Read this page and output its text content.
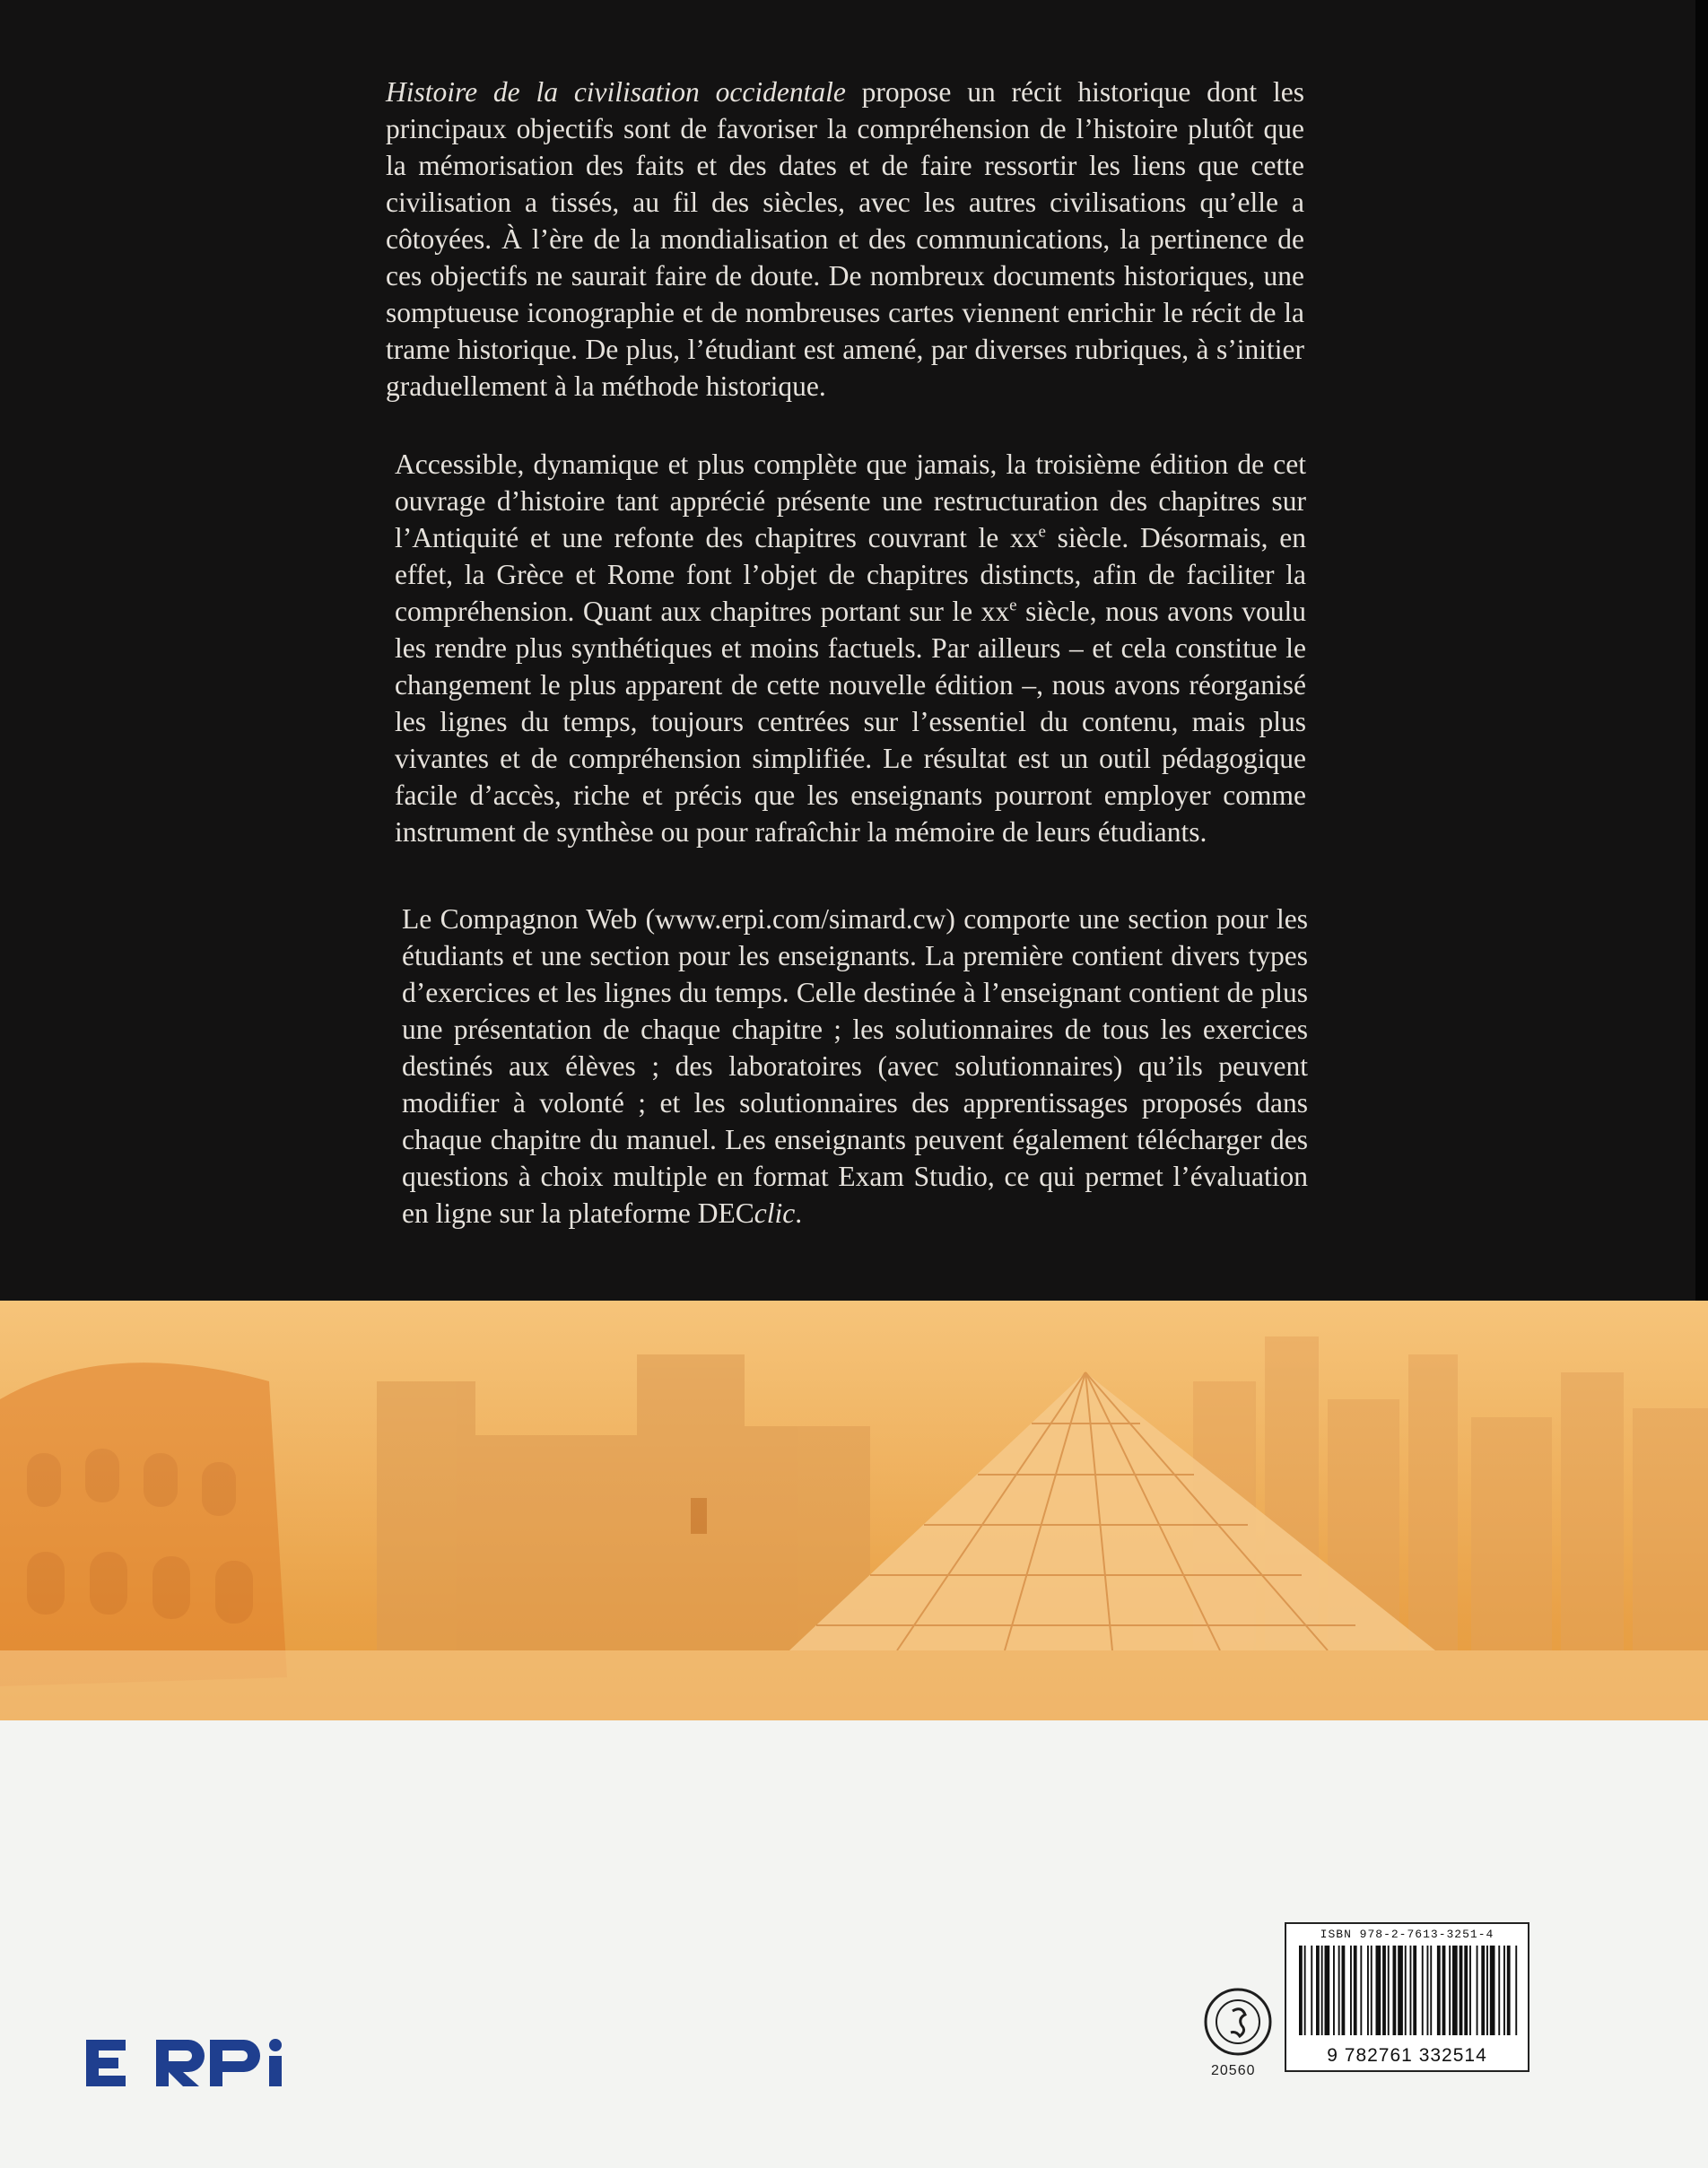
Histoire de la civilisation occidentale propose un récit historique dont les principaux objectifs sont de favoriser la compréhension de l’histoire plutôt que la mémorisation des faits et des dates et de faire ressortir les liens que cette civilisation a tissés, au fil des siècles, avec les autres civilisations qu’elle a côtoyées. À l’ère de la mondialisation et des communications, la pertinence de ces objectifs ne saurait faire de doute. De nombreux documents historiques, une somptueuse iconographie et de nombreuses cartes viennent enrichir le récit de la trame historique. De plus, l’étudiant est amené, par diverses rubriques, à s’initier graduellement à la méthode historique.

Accessible, dynamique et plus complète que jamais, la troisième édition de cet ouvrage d’histoire tant apprécié présente une restructuration des chapitres sur l’Antiquité et une refonte des chapitres couvrant le $xx^e$ siècle. Désormais, en effet, la Grèce et Rome font l’objet de chapitres distincts, afin de faciliter la compréhension. Quant aux chapitres portant sur le $xx^e$ siècle, nous avons voulu les rendre plus synthétiques et moins factuels. Par ailleurs – et cela constitue le changement le plus apparent de cette nouvelle édition –, nous avons réorganisé les lignes du temps, toujours centrées sur l’essentiel du contenu, mais plus vivantes et de compréhension simplifiée. Le résultat est un outil pédagogique facile d’accès, riche et précis que les enseignants pourront employer comme instrument de synthèse ou pour rafraîchir la mémoire de leurs étudiants.

Le Compagnon Web (www.erpi.com/simard.cw) comporte une section pour les étudiants et une section pour les enseignants. La première contient divers types d’exercices et les lignes du temps. Celle destinée à l’enseignant contient de plus une présentation de chaque chapitre ; les solutionnaires de tous les exercices destinés aux élèves ; des laboratoires (avec solutionnaires) qu’ils peuvent modifier à volonté ; et les solutionnaires des apprentissages proposés dans chaque chapitre du manuel. Les enseignants peuvent également télécharger des questions à choix multiple en format Exam Studio, ce qui permet l’évaluation en ligne sur la plateforme DECclic.

20560
ISBN 978-2-7613-3251-4
9 782761 332514
